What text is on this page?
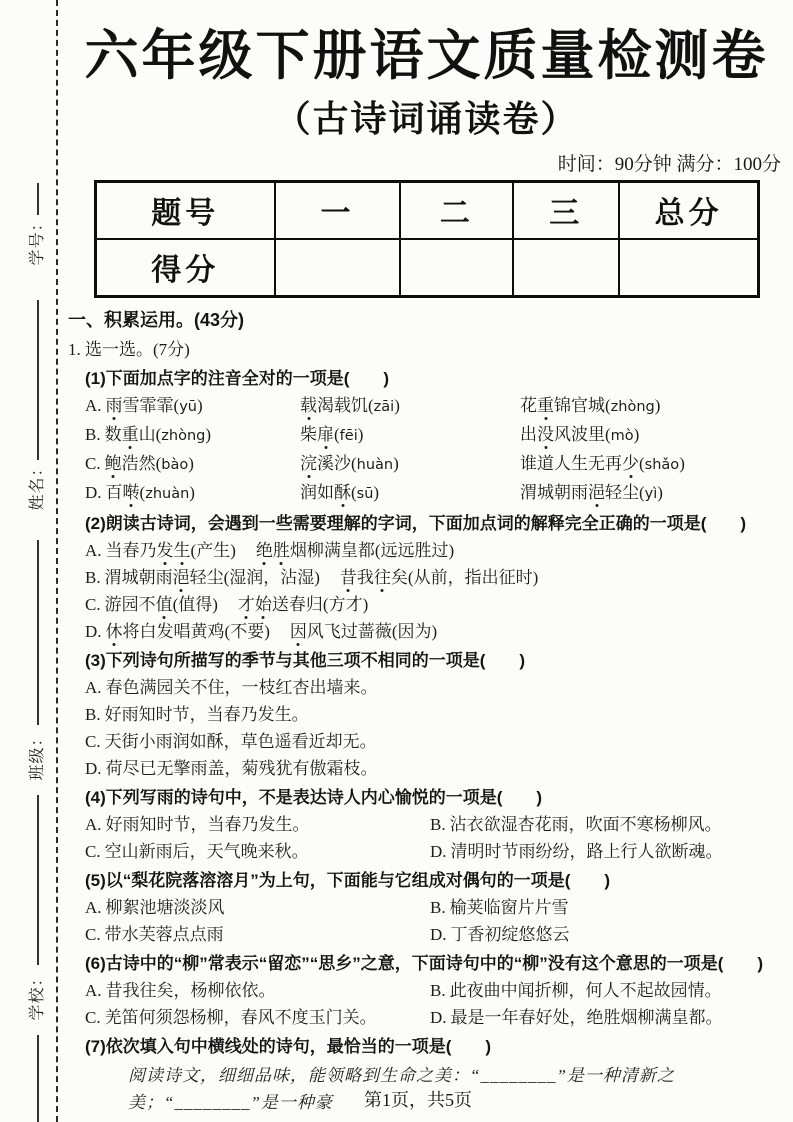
学号：
姓名：
班级：
学校：
六年级下册语文质量检测卷
（古诗词诵读卷）
时间：90分钟 满分：100分
题号	一	二	三	总分
得分				
一、积累运用。(43分)
1. 选一选。(7分)
(1)下面加点字的注音全对的一项是(　　)
A. 雨雪霏霏(yū)	载渴载饥(zāi)	花重锦官城(zhòng)
B. 数重山(zhòng)	柴扉(fēi)	出没风波里(mò)
C. 鲍浩然(bào)	浣溪沙(huàn)	谁道人生无再少(shǎo)
D. 百啭(zhuàn)	润如酥(sū)	渭城朝雨浥轻尘(yì)
(2)朗读古诗词，会遇到一些需要理解的字词，下面加点词的解释完全正确的一项是(　　)
A. 当春乃发生(产生) 绝胜烟柳满皇都(远远胜过)
B. 渭城朝雨浥轻尘(湿润，沾湿) 昔我往矣(从前，指出征时)
C. 游园不值(值得) 才始送春归(方才)
D. 休将白发唱黄鸡(不要) 因风飞过蔷薇(因为)
(3)下列诗句所描写的季节与其他三项不相同的一项是(　　)
A. 春色满园关不住，一枝红杏出墙来。
B. 好雨知时节，当春乃发生。
C. 天街小雨润如酥，草色遥看近却无。
D. 荷尽已无擎雨盖，菊残犹有傲霜枝。
(4)下列写雨的诗句中，不是表达诗人内心愉悦的一项是(　　)
A. 好雨知时节，当春乃发生。	B. 沾衣欲湿杏花雨，吹面不寒杨柳风。
C. 空山新雨后，天气晚来秋。	D. 清明时节雨纷纷，路上行人欲断魂。
(5)以“梨花院落溶溶月”为上句，下面能与它组成对偶句的一项是(　　)
A. 柳絮池塘淡淡风	B. 榆荚临窗片片雪
C. 带水芙蓉点点雨	D. 丁香初绽悠悠云
(6)古诗中的“柳”常表示“留恋”“思乡”之意，下面诗句中的“柳”没有这个意思的一项是(　　)
A. 昔我往矣，杨柳依依。	B. 此夜曲中闻折柳，何人不起故园情。
C. 羌笛何须怨杨柳，春风不度玉门关。	D. 最是一年春好处，绝胜烟柳满皇都。
(7)依次填入句中横线处的诗句，最恰当的一项是(　　)
阅读诗文，细细品味，能领略到生命之美：“________”是一种清新之美；“________”是一种豪	第1页，共5页
